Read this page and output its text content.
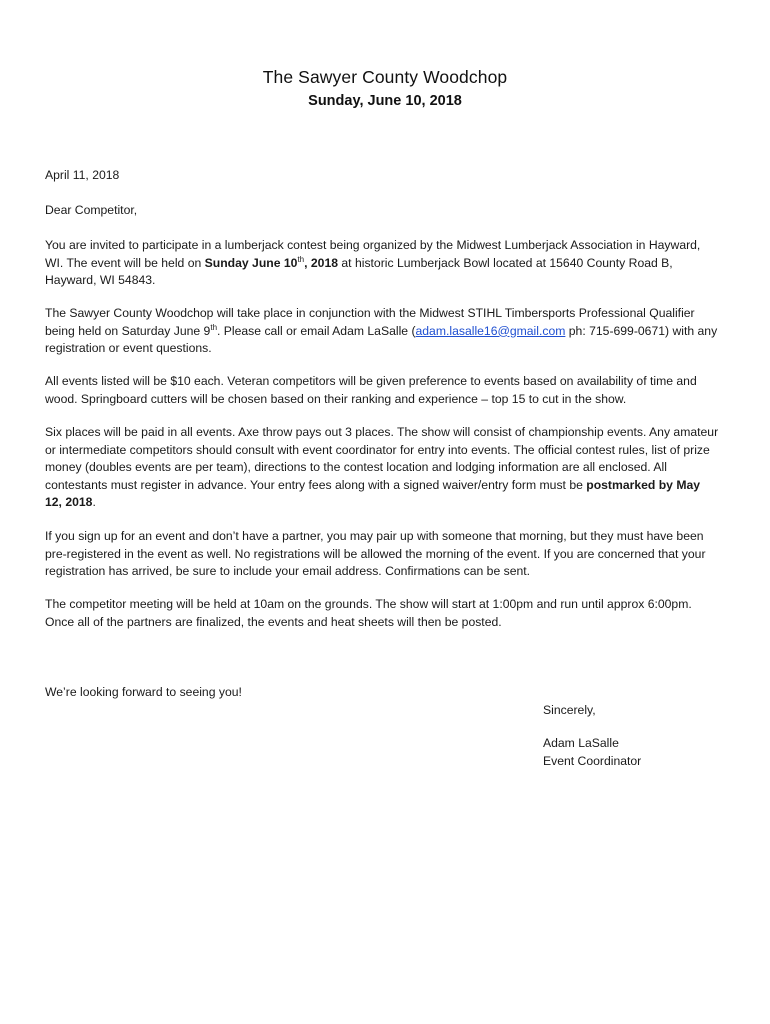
The Sawyer County Woodchop
Sunday, June 10, 2018
April 11, 2018
Dear Competitor,
You are invited to participate in a lumberjack contest being organized by the Midwest Lumberjack Association in Hayward, WI. The event will be held on Sunday June 10th, 2018 at historic Lumberjack Bowl located at 15640 County Road B, Hayward, WI 54843.
The Sawyer County Woodchop will take place in conjunction with the Midwest STIHL Timbersports Professional Qualifier being held on Saturday June 9th. Please call or email Adam LaSalle (adam.lasalle16@gmail.com ph: 715-699-0671) with any registration or event questions.
All events listed will be $10 each. Veteran competitors will be given preference to events based on availability of time and wood. Springboard cutters will be chosen based on their ranking and experience – top 15 to cut in the show.
Six places will be paid in all events. Axe throw pays out 3 places. The show will consist of championship events. Any amateur or intermediate competitors should consult with event coordinator for entry into events. The official contest rules, list of prize money (doubles events are per team), directions to the contest location and lodging information are all enclosed. All contestants must register in advance. Your entry fees along with a signed waiver/entry form must be postmarked by May 12, 2018.
If you sign up for an event and don’t have a partner, you may pair up with someone that morning, but they must have been pre-registered in the event as well. No registrations will be allowed the morning of the event. If you are concerned that your registration has arrived, be sure to include your email address. Confirmations can be sent.
The competitor meeting will be held at 10am on the grounds. The show will start at 1:00pm and run until approx 6:00pm. Once all of the partners are finalized, the events and heat sheets will then be posted.
We’re looking forward to seeing you!
Sincerely,
Adam LaSalle
Event Coordinator
